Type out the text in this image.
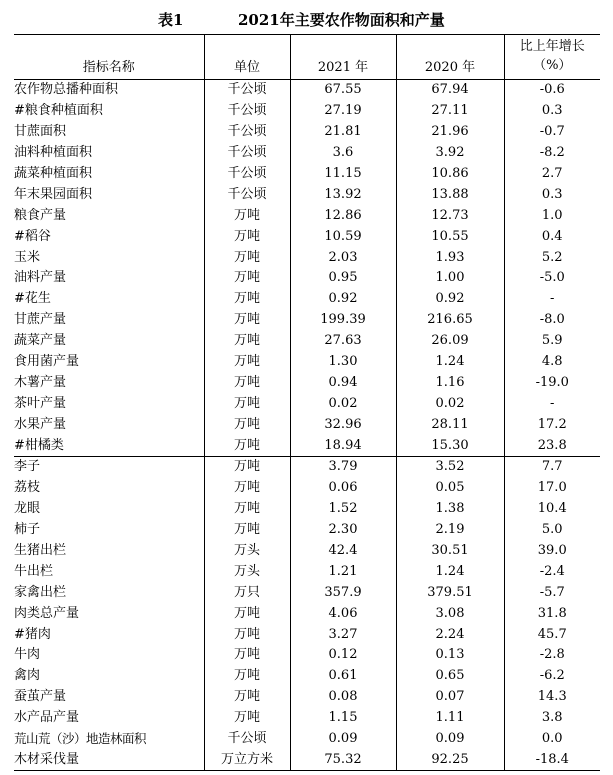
表1	2021年主要农作物面积和产量
指标名称	单位	2021 年	2020 年	比上年增长（%）
农作物总播种面积	千公顷	67.55	67.94	-0.6
#粮食种植面积	千公顷	27.19	27.11	0.3
甘蔗面积	千公顷	21.81	21.96	-0.7
油料种植面积	千公顷	3.6	3.92	-8.2
蔬菜种植面积	千公顷	11.15	10.86	2.7
年末果园面积	千公顷	13.92	13.88	0.3
粮食产量	万吨	12.86	12.73	1.0
#稻谷	万吨	10.59	10.55	0.4
玉米	万吨	2.03	1.93	5.2
油料产量	万吨	0.95	1.00	-5.0
#花生	万吨	0.92	0.92	-
甘蔗产量	万吨	199.39	216.65	-8.0
蔬菜产量	万吨	27.63	26.09	5.9
食用菌产量	万吨	1.30	1.24	4.8
木薯产量	万吨	0.94	1.16	-19.0
茶叶产量	万吨	0.02	0.02	-
水果产量	万吨	32.96	28.11	17.2
#柑橘类	万吨	18.94	15.30	23.8
李子	万吨	3.79	3.52	7.7
荔枝	万吨	0.06	0.05	17.0
龙眼	万吨	1.52	1.38	10.4
柿子	万吨	2.30	2.19	5.0
生猪出栏	万头	42.4	30.51	39.0
牛出栏	万头	1.21	1.24	-2.4
家禽出栏	万只	357.9	379.51	-5.7
肉类总产量	万吨	4.06	3.08	31.8
#猪肉	万吨	3.27	2.24	45.7
牛肉	万吨	0.12	0.13	-2.8
禽肉	万吨	0.61	0.65	-6.2
蚕茧产量	万吨	0.08	0.07	14.3
水产品产量	万吨	1.15	1.11	3.8
荒山荒（沙）地造林面积	千公顷	0.09	0.09	0.0
木材采伐量	万立方米	75.32	92.25	-18.4
